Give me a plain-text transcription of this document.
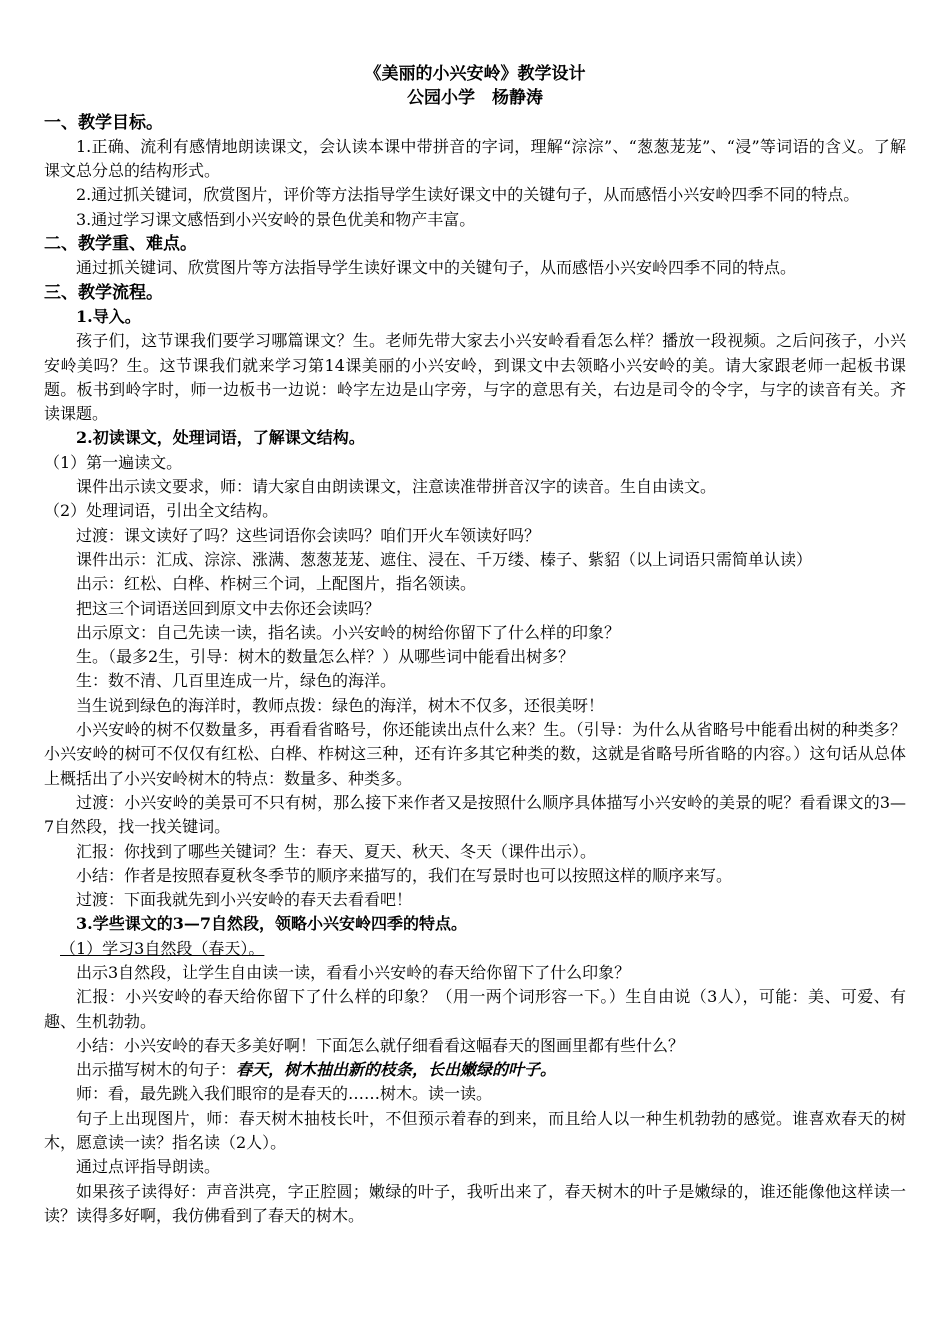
《美丽的小兴安岭》教学设计

公园小学　杨静涛

一、教学目标。

1.正确、流利有感情地朗读课文，会认读本课中带拼音的字词，理解“淙淙”、“葱葱茏茏”、“浸”等词语的含义。了解课文总分总的结构形式。

2.通过抓关键词，欣赏图片，评价等方法指导学生读好课文中的关键句子，从而感悟小兴安岭四季不同的特点。

3.通过学习课文感悟到小兴安岭的景色优美和物产丰富。

二、教学重、难点。

通过抓关键词、欣赏图片等方法指导学生读好课文中的关键句子，从而感悟小兴安岭四季不同的特点。

三、教学流程。

1.导入。

孩子们，这节课我们要学习哪篇课文？生。老师先带大家去小兴安岭看看怎么样？播放一段视频。之后问孩子，小兴安岭美吗？生。这节课我们就来学习第14课美丽的小兴安岭，到课文中去领略小兴安岭的美。请大家跟老师一起板书课题。板书到岭字时，师一边板书一边说：岭字左边是山字旁，与字的意思有关，右边是司令的令字，与字的读音有关。齐读课题。

2.初读课文，处理词语，了解课文结构。

（1）第一遍读文。

课件出示读文要求，师：请大家自由朗读课文，注意读准带拼音汉字的读音。生自由读文。

（2）处理词语，引出全文结构。

过渡：课文读好了吗？这些词语你会读吗？咱们开火车领读好吗？

课件出示：汇成、淙淙、涨满、葱葱茏茏、遮住、浸在、千万缕、榛子、紫貂（以上词语只需简单认读）

出示：红松、白桦、柞树三个词，上配图片，指名领读。

把这三个词语送回到原文中去你还会读吗？

出示原文：自己先读一读，指名读。小兴安岭的树给你留下了什么样的印象？

生。（最多2生，引导：树木的数量怎么样？）从哪些词中能看出树多？

生：数不清、几百里连成一片，绿色的海洋。

当生说到绿色的海洋时，教师点拨：绿色的海洋，树木不仅多，还很美呀！

小兴安岭的树不仅数量多，再看看省略号，你还能读出点什么来？生。（引导：为什么从省略号中能看出树的种类多？小兴安岭的树可不仅仅有红松、白桦、柞树这三种，还有许多其它种类的数，这就是省略号所省略的内容。）这句话从总体上概括出了小兴安岭树木的特点：数量多、种类多。

过渡：小兴安岭的美景可不只有树，那么接下来作者又是按照什么顺序具体描写小兴安岭的美景的呢？看看课文的3—7自然段，找一找关键词。

汇报：你找到了哪些关键词？生：春天、夏天、秋天、冬天（课件出示）。

小结：作者是按照春夏秋冬季节的顺序来描写的，我们在写景时也可以按照这样的顺序来写。

过渡：下面我就先到小兴安岭的春天去看看吧！

3.学些课文的3—7自然段，领略小兴安岭四季的特点。

（1）学习3自然段（春天）。

出示3自然段，让学生自由读一读，看看小兴安岭的春天给你留下了什么印象？

汇报：小兴安岭的春天给你留下了什么样的印象？（用一两个词形容一下。）生自由说（3人），可能：美、可爱、有趣、生机勃勃。

小结：小兴安岭的春天多美好啊！下面怎么就仔细看看这幅春天的图画里都有些什么？

出示描写树木的句子：春天，树木抽出新的枝条，长出嫩绿的叶子。

师：看，最先跳入我们眼帘的是春天的……树木。读一读。

句子上出现图片，师：春天树木抽枝长叶，不但预示着春的到来，而且给人以一种生机勃勃的感觉。谁喜欢春天的树木，愿意读一读？指名读（2人）。

通过点评指导朗读。

如果孩子读得好：声音洪亮，字正腔圆；嫩绿的叶子，我听出来了，春天树木的叶子是嫩绿的，谁还能像他这样读一读？读得多好啊，我仿佛看到了春天的树木。
